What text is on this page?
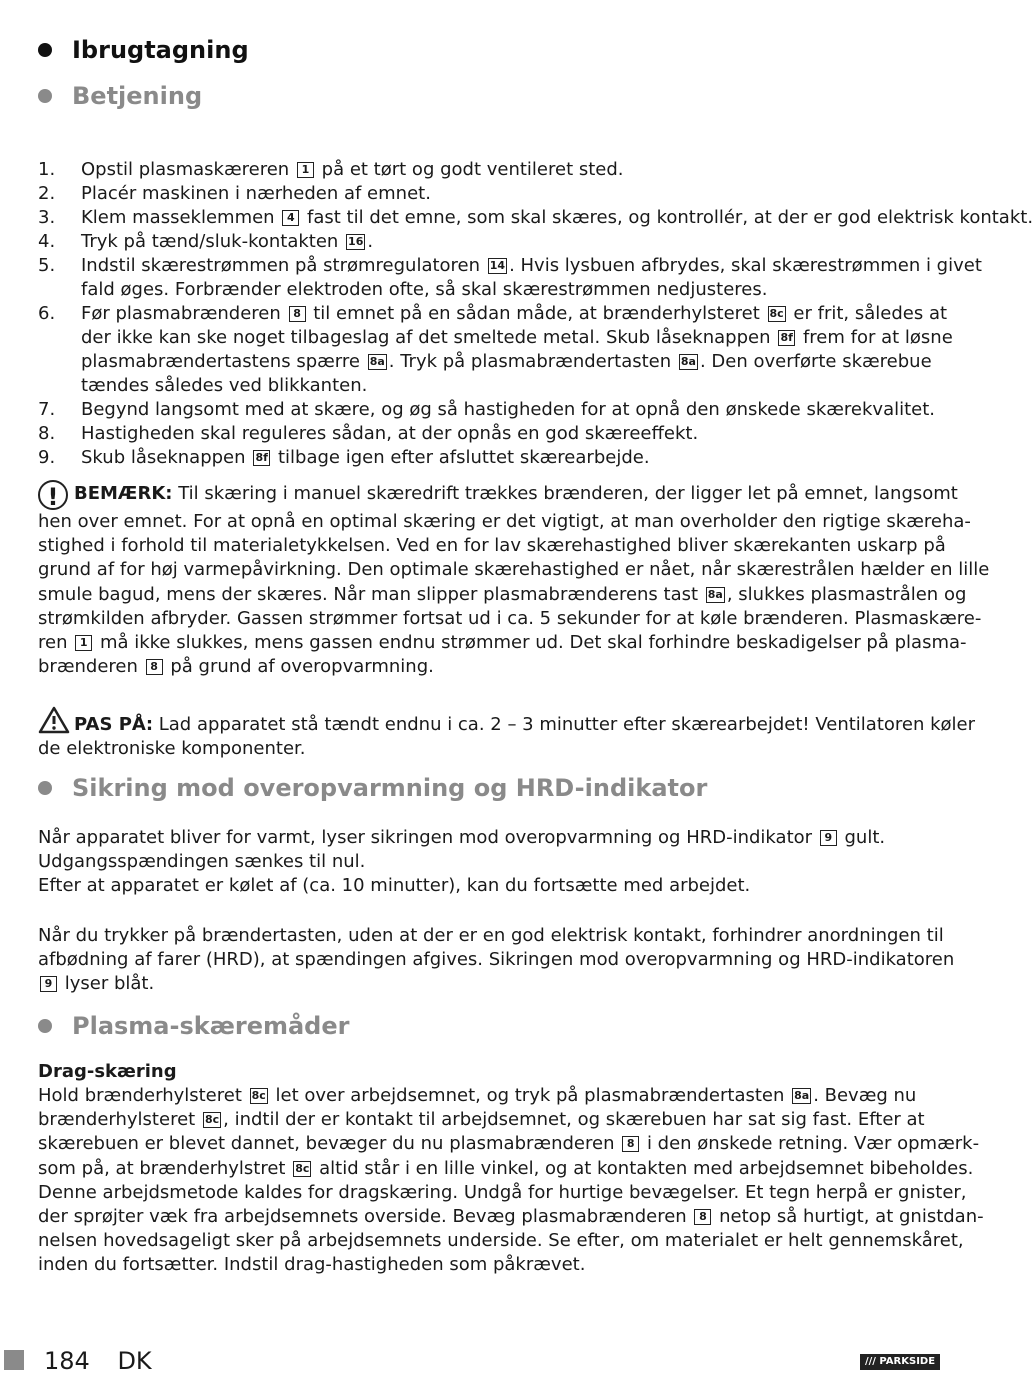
Ibrugtagning
Betjening
1.	Opstil plasmaskæreren 1 på et tørt og godt ventileret sted.
2.	Placér maskinen i nærheden af emnet.
3.	Klem masseklemmen 4 fast til det emne, som skal skæres, og kontrollér, at der er god elektrisk kontakt.
4.	Tryk på tænd/sluk-kontakten 16 .
5.	Indstil skærestrømmen på strømregulatoren 14 . Hvis lysbuen afbrydes, skal skærestrømmen i givet
fald øges. Forbrænder elektroden ofte, så skal skærestrømmen nedjusteres.
6.	Før plasmabrænderen 8 til emnet på en sådan måde, at brænderhylsteret 8c er frit, således at
der ikke kan ske noget tilbageslag af det smeltede metal. Skub låseknappen 8f frem for at løsne
plasmabrændertastens spærre 8a . Tryk på plasmabrændertasten 8a . Den overførte skærebue
tændes således ved blikkanten.
7.	Begynd langsomt med at skære, og øg så hastigheden for at opnå den ønskede skærekvalitet.
8.	Hastigheden skal reguleres sådan, at der opnås en god skæreeffekt.
9.	Skub låseknappen 8f tilbage igen efter afsluttet skærearbejde.
! BEMÆRK: Til skæring i manuel skæredrift trækkes brænderen, der ligger let på emnet, langsomt
hen over emnet. For at opnå en optimal skæring er det vigtigt, at man overholder den rigtige skæreha-
stighed i forhold til materialetykkelsen. Ved en for lav skærehastighed bliver skærekanten uskarp på
grund af for høj varmepåvirkning. Den optimale skærehastighed er nået, når skærestrålen hælder en lille
smule bagud, mens der skæres. Når man slipper plasmabrænderens tast 8a , slukkes plasmastrålen og
strømkilden afbryder. Gassen strømmer fortsat ud i ca. 5 sekunder for at køle brænderen. Plasmaskære-
ren 1 må ikke slukkes, mens gassen endnu strømmer ud. Det skal forhindre beskadigelser på plasma-
brænderen 8 på grund af overopvarmning.
PAS PÅ: Lad apparatet stå tændt endnu i ca. 2 – 3 minutter efter skærearbejdet! Ventilatoren køler
de elektroniske komponenter.
Sikring mod overopvarmning og HRD-indikator
Når apparatet bliver for varmt, lyser sikringen mod overopvarmning og HRD-indikator 9 gult.
Udgangsspændingen sænkes til nul.
Efter at apparatet er kølet af (ca. 10 minutter), kan du fortsætte med arbejdet.
Når du trykker på brændertasten, uden at der er en god elektrisk kontakt, forhindrer anordningen til
afbødning af farer (HRD), at spændingen afgives. Sikringen mod overopvarmning og HRD-indikatoren
9 lyser blåt.
Plasma-skæremåder
Drag-skæring
Hold brænderhylsteret 8c let over arbejdsemnet, og tryk på plasmabrændertasten 8a . Bevæg nu
brænderhylsteret 8c , indtil der er kontakt til arbejdsemnet, og skærebuen har sat sig fast. Efter at
skærebuen er blevet dannet, bevæger du nu plasmabrænderen 8 i den ønskede retning. Vær opmærk-
som på, at brænderhylstret 8c altid står i en lille vinkel, og at kontakten med arbejdsemnet bibeholdes.
Denne arbejdsmetode kaldes for dragskæring. Undgå for hurtige bevægelser. Et tegn herpå er gnister,
der sprøjter væk fra arbejdsemnets overside. Bevæg plasmabrænderen 8 netop så hurtigt, at gnistdan-
nelsen hovedsageligt sker på arbejdsemnets underside. Se efter, om materialet er helt gennemskåret,
inden du fortsætter. Indstil drag-hastigheden som påkrævet.
184 DK	/// PARKSIDE
